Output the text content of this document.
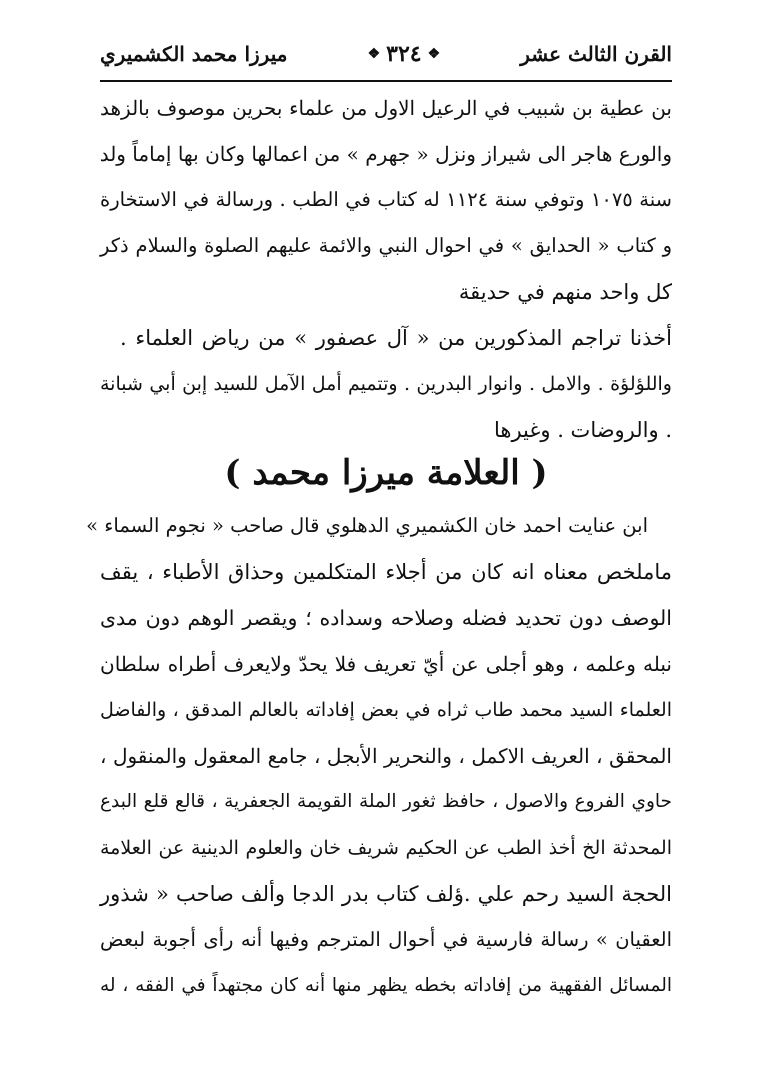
القرن الثالث عشر
❖
٣٢٤
❖
ميرزا محمد الكشميري
بن عطية بن شبيب في الرعيل الاول من علماء بحرين موصوف بالزهد
والورع هاجر الى شيراز ونزل « جهرم » من اعمالها وكان بها إماماً ولد
سنة ١٠٧٥ وتوفي سنة ١١٢٤ له كتاب في الطب . ورسالة في الاستخارة
و كتاب « الحدايق » في احوال النبي والائمة عليهم الصلوة والسلام ذكر
كل واحد منهم في حديقة
أخذنا تراجم المذكورين من « آل عصفور » من رياض العلماء .
واللؤلؤة . والامل . وانوار البدرين . وتتميم أمل الآمل للسيد إبن أبي شبانة
. والروضات . وغيرها
( العلامة ميرزا محمد )
ابن عنايت احمد خان الكشميري الدهلوي قال صاحب « نجوم السماء »
ماملخص معناه انه كان من أجلاء المتكلمين وحذاق الأطباء ، يقف
الوصف دون تحديد فضله وصلاحه وسداده ؛ ويقصر الوهم دون مدى
نبله وعلمه ، وهو أجلى عن أيّ تعريف فلا يحدّ ولايعرف أطراه سلطان
العلماء السيد محمد طاب ثراه في بعض إفاداته بالعالم المدقق ، والفاضل
المحقق ، العريف الاكمل ، والنحرير الأبجل ، جامع المعقول والمنقول ،
حاوي الفروع والاصول ، حافظ ثغور الملة القويمة الجعفرية ، قالع قلع البدع
المحدثة الخ أخذ الطب عن الحكيم شريف خان والعلوم الدينية عن العلامة
الحجة السيد رحم علي .ؤلف كتاب بدر الدجا وألف صاحب « شذور
العقيان » رسالة فارسية في أحوال المترجم وفيها أنه رأى أجوبة لبعض
المسائل الفقهية من إفاداته بخطه يظهر منها أنه كان مجتهداً في الفقه ، له
